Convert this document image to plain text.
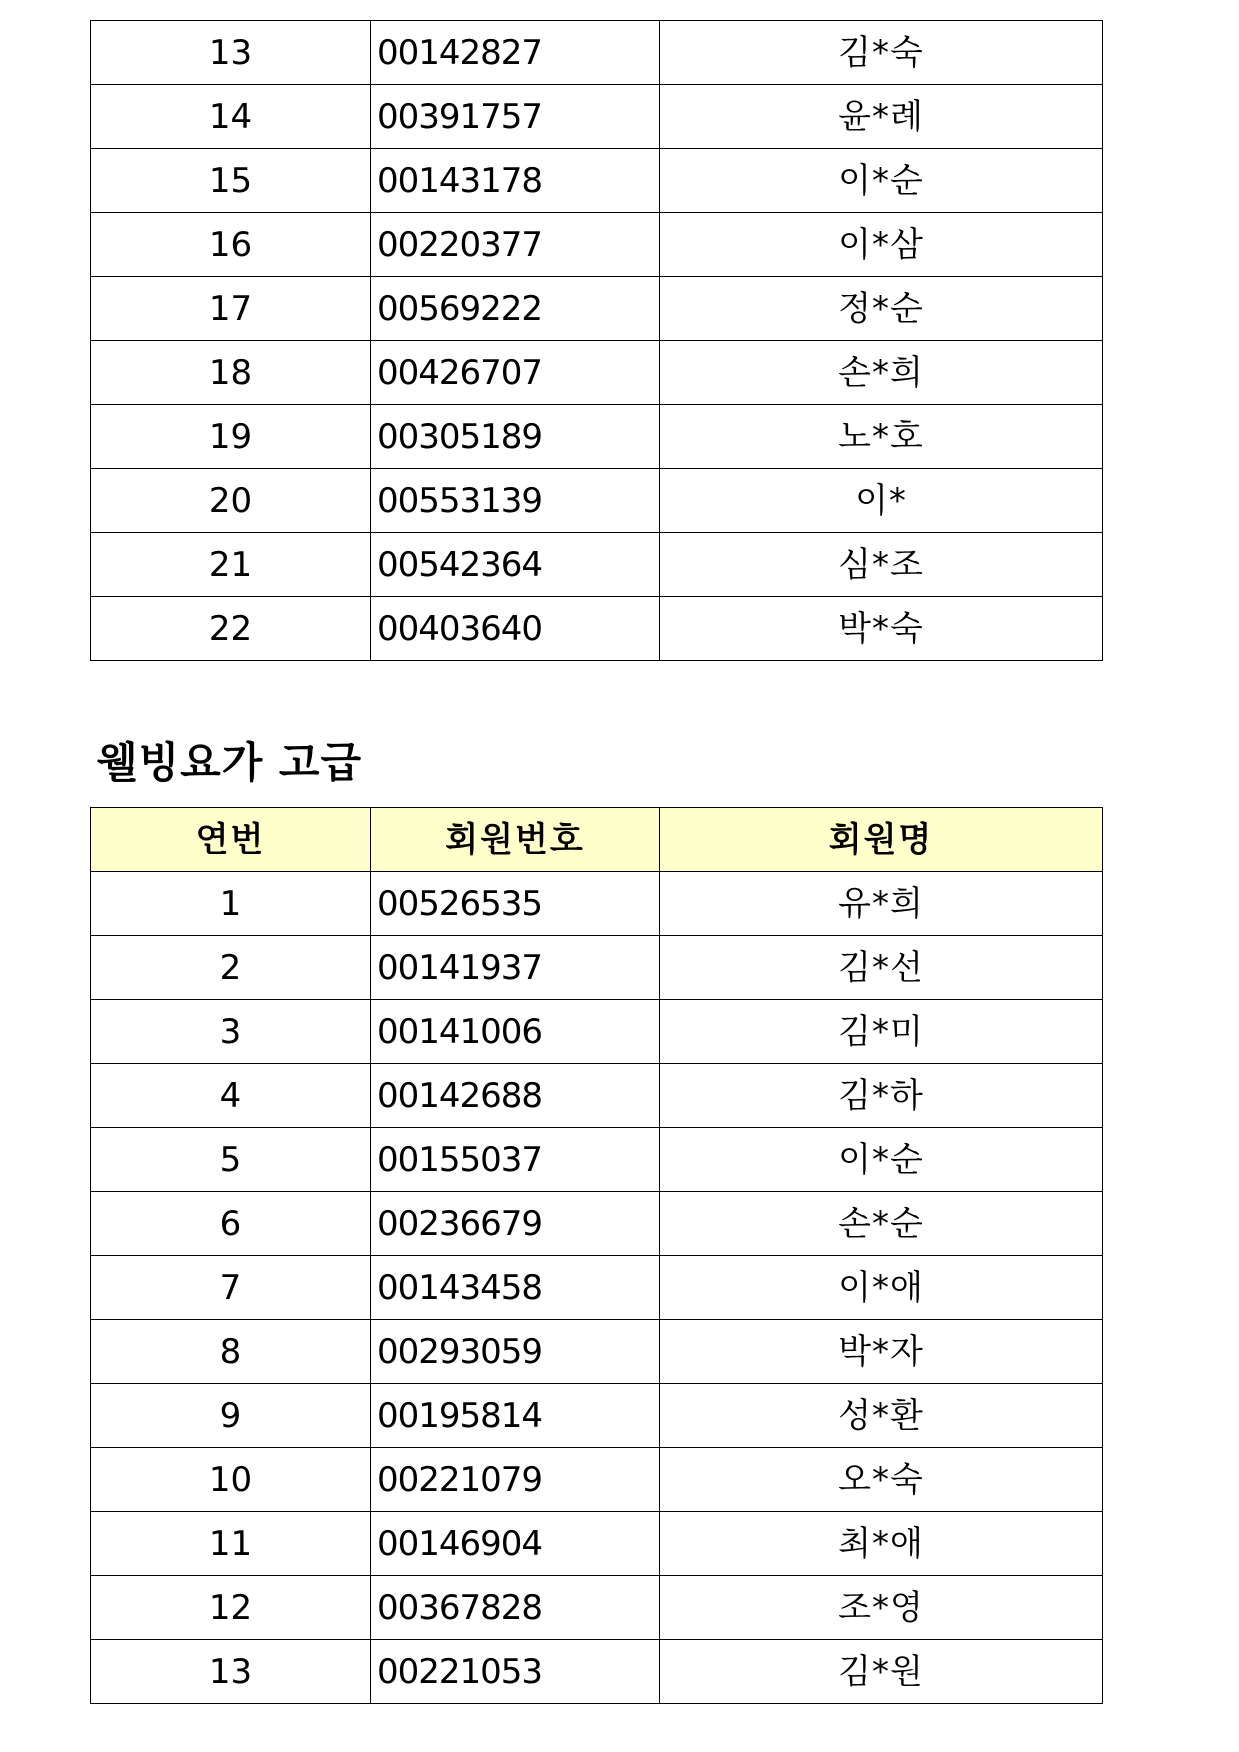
13	00142827	김*숙
14	00391757	윤*례
15	00143178	이*순
16	00220377	이*삼
17	00569222	정*순
18	00426707	손*희
19	00305189	노*호
20	00553139	이*
21	00542364	심*조
22	00403640	박*숙
웰빙요가 고급
연번	회원번호	회원명
1	00526535	유*희
2	00141937	김*선
3	00141006	김*미
4	00142688	김*하
5	00155037	이*순
6	00236679	손*순
7	00143458	이*애
8	00293059	박*자
9	00195814	성*환
10	00221079	오*숙
11	00146904	최*애
12	00367828	조*영
13	00221053	김*원
